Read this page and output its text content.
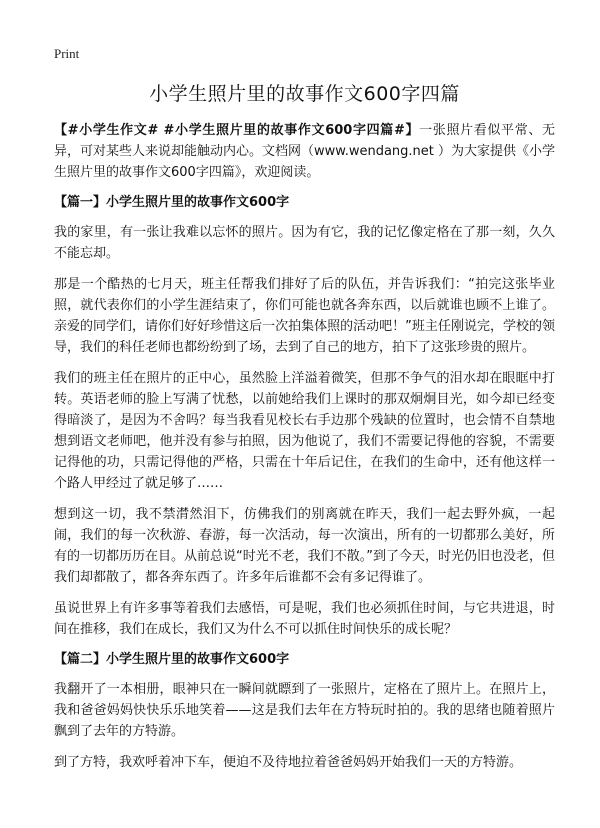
Print
小学生照片里的故事作文600字四篇

【#小学生作文# #小学生照片里的故事作文600字四篇#】一张照片看似平常、无异，可对某些人来说却能触动内心。文档网（www.wendang.net ）为大家提供《小学生照片里的故事作文600字四篇》，欢迎阅读。

【篇一】小学生照片里的故事作文600字

我的家里，有一张让我难以忘怀的照片。因为有它，我的记忆像定格在了那一刻，久久不能忘却。

那是一个酷热的七月天，班主任帮我们排好了后的队伍，并告诉我们：“拍完这张毕业照，就代表你们的小学生涯结束了，你们可能也就各奔东西，以后就谁也顾不上谁了。亲爱的同学们，请你们好好珍惜这后一次拍集体照的活动吧！”班主任刚说完，学校的领导，我们的科任老师也都纷纷到了场，去到了自己的地方，拍下了这张珍贵的照片。

我们的班主任在照片的正中心，虽然脸上洋溢着微笑，但那不争气的泪水却在眼眶中打转。英语老师的脸上写满了忧愁，以前她给我们上课时的那双炯炯目光，如今却已经变得暗淡了，是因为不舍吗？每当我看见校长右手边那个残缺的位置时，也会情不自禁地想到语文老师吧，他并没有参与拍照，因为他说了，我们不需要记得他的容貌，不需要记得他的功，只需记得他的严格，只需在十年后记住，在我们的生命中，还有他这样一个路人甲经过了就足够了……

想到这一切，我不禁潸然泪下，仿佛我们的别离就在昨天，我们一起去野外疯，一起闹，我们的每一次秋游、春游，每一次活动，每一次演出，所有的一切都那么美好，所有的一切都历历在目。从前总说“时光不老，我们不散。”到了今天，时光仍旧也没老，但我们却都散了，都各奔东西了。许多年后谁都不会有多记得谁了。

虽说世界上有许多事等着我们去感悟，可是呢，我们也必须抓住时间，与它共进退，时间在推移，我们在成长，我们又为什么不可以抓住时间快乐的成长呢？

【篇二】小学生照片里的故事作文600字

我翻开了一本相册，眼神只在一瞬间就瞟到了一张照片，定格在了照片上。在照片上，我和爸爸妈妈快快乐乐地笑着——这是我们去年在方特玩时拍的。我的思绪也随着照片飘到了去年的方特游。

到了方特，我欢呼着冲下车，便迫不及待地拉着爸爸妈妈开始我们一天的方特游。
